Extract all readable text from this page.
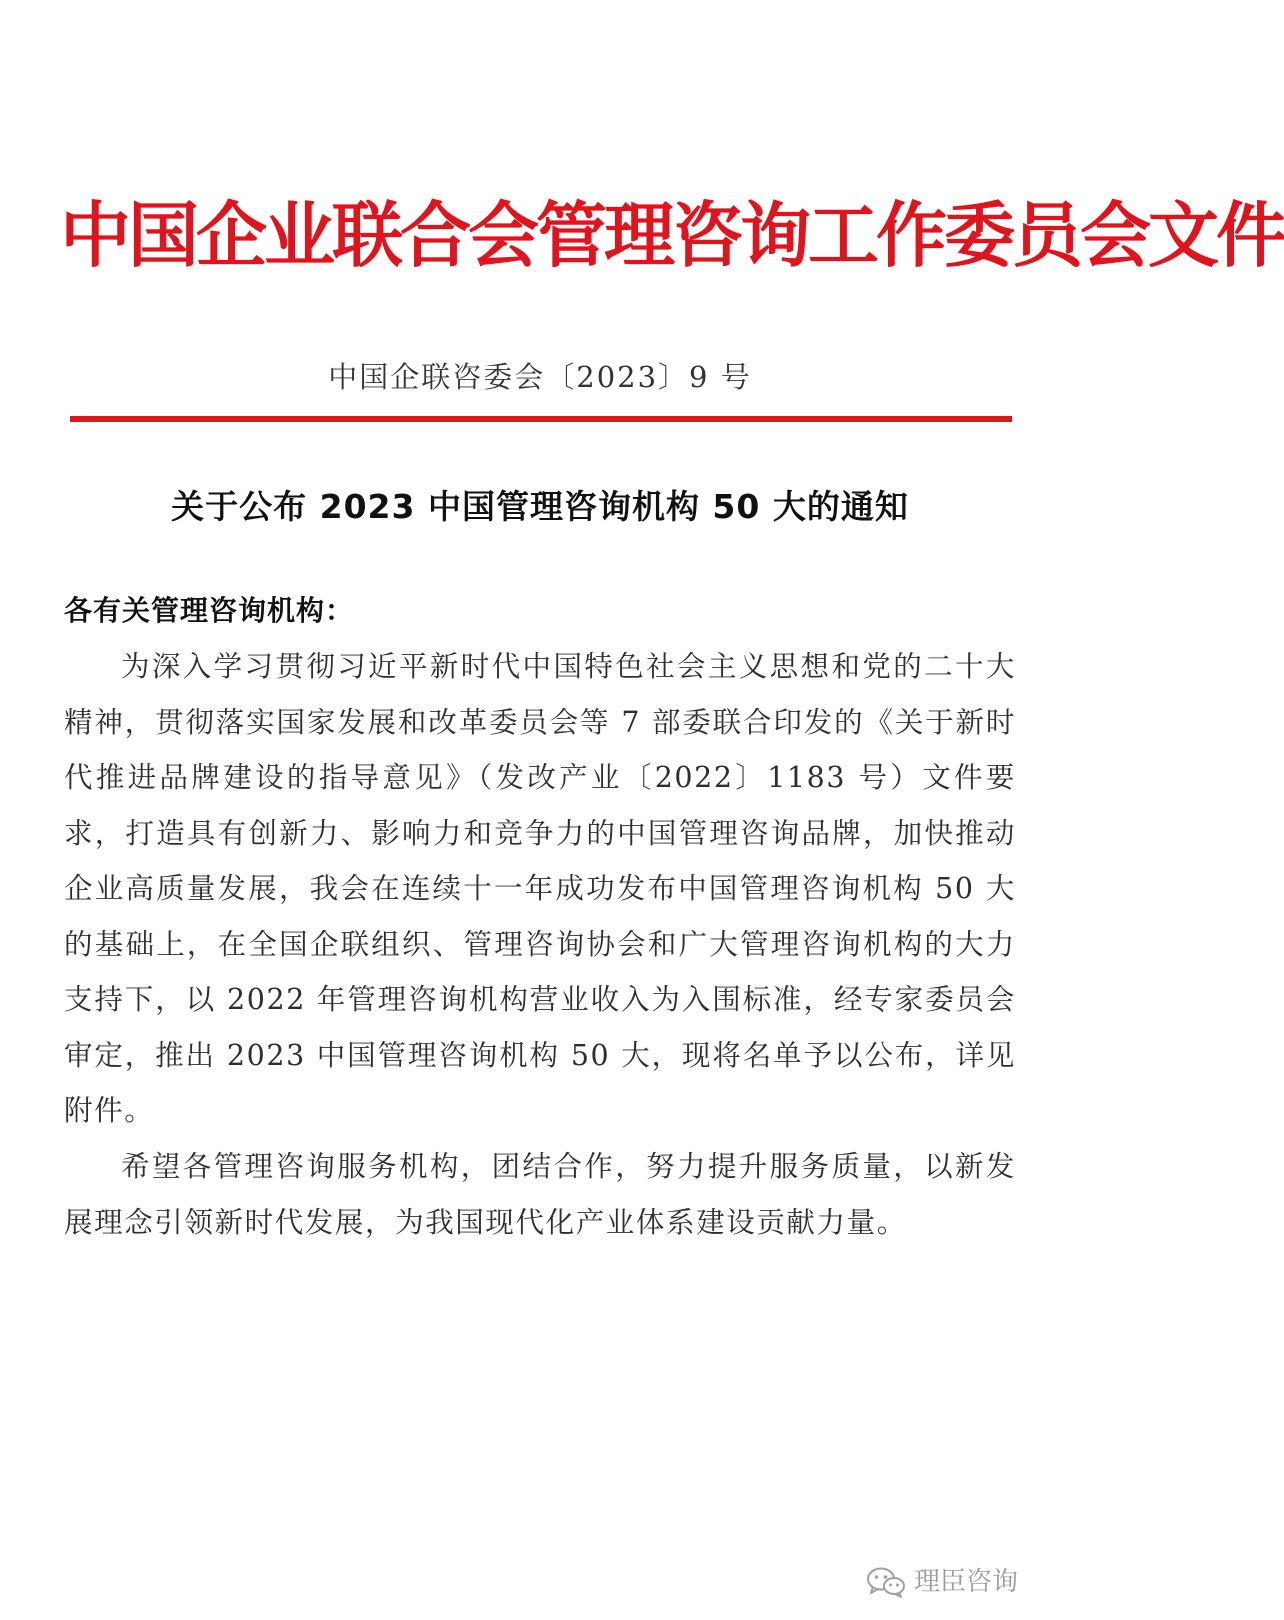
中国企业联合会管理咨询工作委员会文件
中国企联咨委会〔2023〕9 号
关于公布 2023 中国管理咨询机构 50 大的通知
各有关管理咨询机构：

为深入学习贯彻习近平新时代中国特色社会主义思想和党的二十大精神，贯彻落实国家发展和改革委员会等 7 部委联合印发的《关于新时代推进品牌建设的指导意见》（发改产业〔2022〕1183 号）文件要求，打造具有创新力、影响力和竞争力的中国管理咨询品牌，加快推动企业高质量发展，我会在连续十一年成功发布中国管理咨询机构 50 大的基础上，在全国企联组织、管理咨询协会和广大管理咨询机构的大力支持下，以 2022 年管理咨询机构营业收入为入围标准，经专家委员会审定，推出 2023 中国管理咨询机构 50 大，现将名单予以公布，详见附件。

希望各管理咨询服务机构，团结合作，努力提升服务质量，以新发展理念引领新时代发展，为我国现代化产业体系建设贡献力量。

理臣咨询
